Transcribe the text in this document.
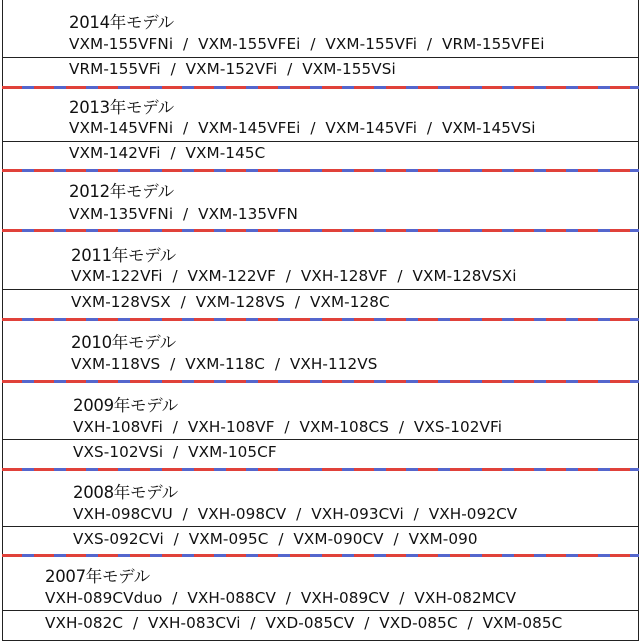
2014年モデル
VXM-155VFNi  /  VXM-155VFEi  /  VXM-155VFi  /  VRM-155VFEi
VRM-155VFi  /  VXM-152VFi  /  VXM-155VSi
2013年モデル
VXM-145VFNi  /  VXM-145VFEi  /  VXM-145VFi  /  VXM-145VSi
VXM-142VFi  /  VXM-145C
2012年モデル
VXM-135VFNi  /  VXM-135VFN
2011年モデル
VXM-122VFi  /  VXM-122VF  /  VXH-128VF  /  VXM-128VSXi
VXM-128VSX  /  VXM-128VS  /  VXM-128C
2010年モデル
VXM-118VS  /  VXM-118C  /  VXH-112VS
2009年モデル
VXH-108VFi  /  VXH-108VF  /  VXM-108CS  /  VXS-102VFi
VXS-102VSi  /  VXM-105CF
2008年モデル
VXH-098CVU  /  VXH-098CV  /  VXH-093CVi  /  VXH-092CV
VXS-092CVi  /  VXM-095C  /  VXM-090CV  /  VXM-090
2007年モデル
VXH-089CVduo  /  VXH-088CV  /  VXH-089CV  /  VXH-082MCV
VXH-082C  /  VXH-083CVi  /  VXD-085CV  /  VXD-085C  /  VXM-085C
